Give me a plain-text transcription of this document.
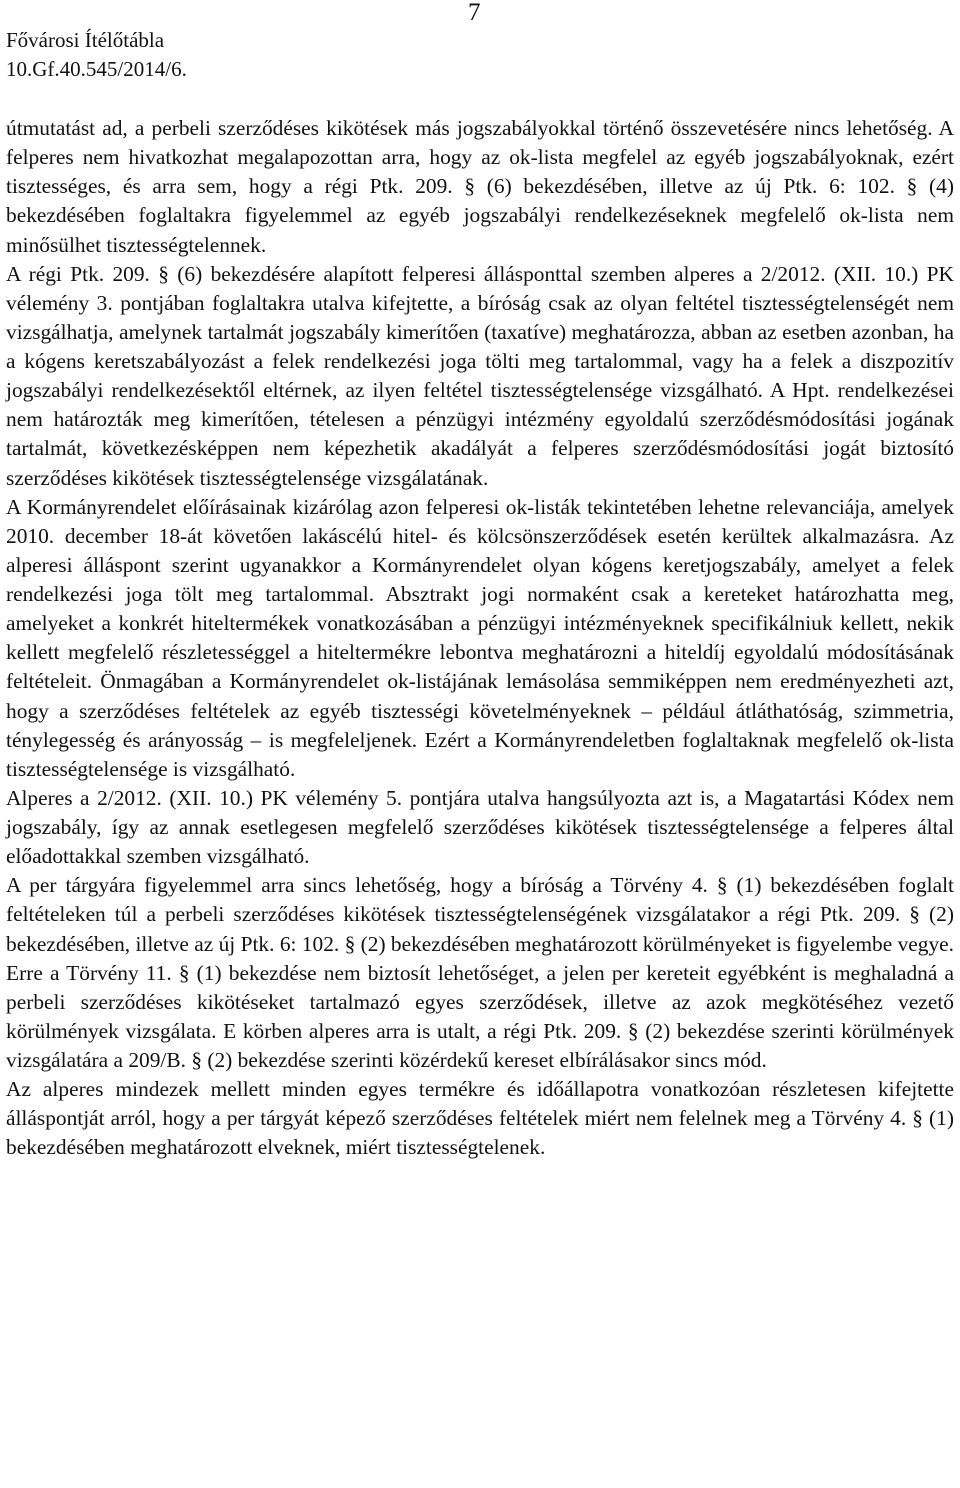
7
Fővárosi Ítélőtábla
10.Gf.40.545/2014/6.

útmutatást ad, a perbeli szerződéses kikötések más jogszabályokkal történő összevetésére nincs lehetőség. A felperes nem hivatkozhat megalapozottan arra, hogy az ok-lista megfelel az egyéb jogszabályoknak, ezért tisztességes, és arra sem, hogy a régi Ptk. 209. § (6) bekezdésében, illetve az új Ptk. 6: 102. § (4) bekezdésében foglaltakra figyelemmel az egyéb jogszabályi rendelkezéseknek megfelelő ok-lista nem minősülhet tisztességtelennek.

A régi Ptk. 209. § (6) bekezdésére alapított felperesi állásponttal szemben alperes a 2/2012. (XII. 10.) PK vélemény 3. pontjában foglaltakra utalva kifejtette, a bíróság csak az olyan feltétel tisztességtelenségét nem vizsgálhatja, amelynek tartalmát jogszabály kimerítően (taxatíve) meghatározza, abban az esetben azonban, ha a kógens keretszabályozást a felek rendelkezési joga tölti meg tartalommal, vagy ha a felek a diszpozitív jogszabályi rendelkezésektől eltérnek, az ilyen feltétel tisztességtelensége vizsgálható. A Hpt. rendelkezései nem határozták meg kimerítően, tételesen a pénzügyi intézmény egyoldalú szerződésmódosítási jogának tartalmát, következésképpen nem képezhetik akadályát a felperes szerződésmódosítási jogát biztosító szerződéses kikötések tisztességtelensége vizsgálatának.

A Kormányrendelet előírásainak kizárólag azon felperesi ok-listák tekintetében lehetne relevanciája, amelyek 2010. december 18-át követően lakáscélú hitel- és kölcsönszerződések esetén kerültek alkalmazásra. Az alperesi álláspont szerint ugyanakkor a Kormányrendelet olyan kógens keretjogszabály, amelyet a felek rendelkezési joga tölt meg tartalommal. Absztrakt jogi normaként csak a kereteket határozhatta meg, amelyeket a konkrét hiteltermékek vonatkozásában a pénzügyi intézményeknek specifikálniuk kellett, nekik kellett megfelelő részletességgel a hiteltermékre lebontva meghatározni a hiteldíj egyoldalú módosításának feltételeit. Önmagában a Kormányrendelet ok-listájának lemásolása semmiképpen nem eredményezheti azt, hogy a szerződéses feltételek az egyéb tisztességi követelményeknek – például átláthatóság, szimmetria, ténylegesség és arányosság – is megfeleljenek. Ezért a Kormányrendeletben foglaltaknak megfelelő ok-lista tisztességtelensége is vizsgálható.

Alperes a 2/2012. (XII. 10.) PK vélemény 5. pontjára utalva hangsúlyozta azt is, a Magatartási Kódex nem jogszabály, így az annak esetlegesen megfelelő szerződéses kikötések tisztességtelensége a felperes által előadottakkal szemben vizsgálható.

A per tárgyára figyelemmel arra sincs lehetőség, hogy a bíróság a Törvény 4. § (1) bekezdésében foglalt feltételeken túl a perbeli szerződéses kikötések tisztességtelenségének vizsgálatakor a régi Ptk. 209. § (2) bekezdésében, illetve az új Ptk. 6: 102. § (2) bekezdésében meghatározott körülményeket is figyelembe vegye. Erre a Törvény 11. § (1) bekezdése nem biztosít lehetőséget, a jelen per kereteit egyébként is meghaladná a perbeli szerződéses kikötéseket tartalmazó egyes szerződések, illetve az azok megkötéséhez vezető körülmények vizsgálata. E körben alperes arra is utalt, a régi Ptk. 209. § (2) bekezdése szerinti körülmények vizsgálatára a 209/B. § (2) bekezdése szerinti közérdekű kereset elbírálásakor sincs mód.

Az alperes mindezek mellett minden egyes termékre és időállapotra vonatkozóan részletesen kifejtette álláspontját arról, hogy a per tárgyát képező szerződéses feltételek miért nem felelnek meg a Törvény 4. § (1) bekezdésében meghatározott elveknek, miért tisztességtelenek.
